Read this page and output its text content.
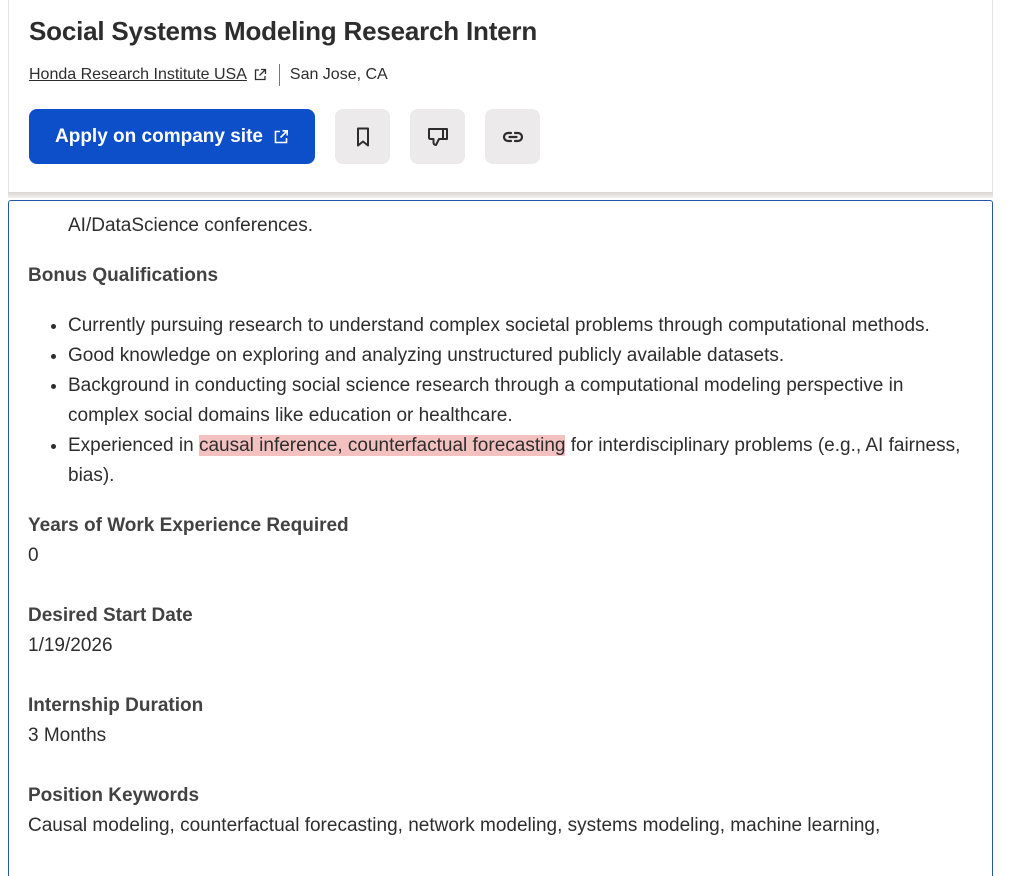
Social Systems Modeling Research Intern
Honda Research Institute USA	San Jose, CA
Apply on company site
AI/DataScience conferences.
Bonus Qualifications
• Currently pursuing research to understand complex societal problems through computational methods.
• Good knowledge on exploring and analyzing unstructured publicly available datasets.
• Background in conducting social science research through a computational modeling perspective in complex social domains like education or healthcare.
• Experienced in causal inference, counterfactual forecasting for interdisciplinary problems (e.g., AI fairness, bias).
Years of Work Experience Required
0
Desired Start Date
1/19/2026
Internship Duration
3 Months
Position Keywords
Causal modeling, counterfactual forecasting, network modeling, systems modeling, machine learning,
